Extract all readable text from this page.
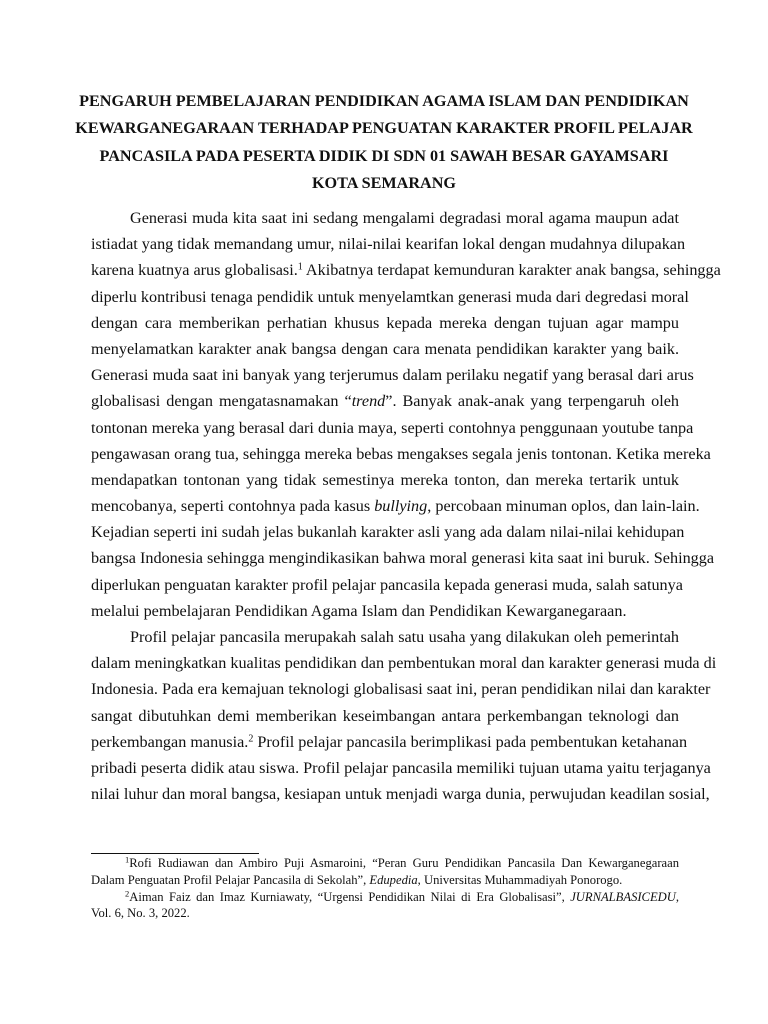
PENGARUH PEMBELAJARAN PENDIDIKAN AGAMA ISLAM DAN PENDIDIKAN
KEWARGANEGARAAN TERHADAP PENGUATAN KARAKTER PROFIL PELAJAR
PANCASILA PADA PESERTA DIDIK DI SDN 01 SAWAH BESAR GAYAMSARI
KOTA SEMARANG
Generasi muda kita saat ini sedang mengalami degradasi moral agama maupun adat
istiadat yang tidak memandang umur, nilai-nilai kearifan lokal dengan mudahnya dilupakan
karena kuatnya arus globalisasi.$^1$ Akibatnya terdapat kemunduran karakter anak bangsa, sehingga
diperlu kontribusi tenaga pendidik untuk menyelamtkan generasi muda dari degredasi moral
dengan cara memberikan perhatian khusus kepada mereka dengan tujuan agar mampu
menyelamatkan karakter anak bangsa dengan cara menata pendidikan karakter yang baik.
Generasi muda saat ini banyak yang terjerumus dalam perilaku negatif yang berasal dari arus
globalisasi dengan mengatasnamakan “trend”. Banyak anak-anak yang terpengaruh oleh
tontonan mereka yang berasal dari dunia maya, seperti contohnya penggunaan youtube tanpa
pengawasan orang tua, sehingga mereka bebas mengakses segala jenis tontonan. Ketika mereka
mendapatkan tontonan yang tidak semestinya mereka tonton, dan mereka tertarik untuk
mencobanya, seperti contohnya pada kasus bullying, percobaan minuman oplos, dan lain-lain.
Kejadian seperti ini sudah jelas bukanlah karakter asli yang ada dalam nilai-nilai kehidupan
bangsa Indonesia sehingga mengindikasikan bahwa moral generasi kita saat ini buruk. Sehingga
diperlukan penguatan karakter profil pelajar pancasila kepada generasi muda, salah satunya
melalui pembelajaran Pendidikan Agama Islam dan Pendidikan Kewarganegaraan.
Profil pelajar pancasila merupakah salah satu usaha yang dilakukan oleh pemerintah
dalam meningkatkan kualitas pendidikan dan pembentukan moral dan karakter generasi muda di
Indonesia. Pada era kemajuan teknologi globalisasi saat ini, peran pendidikan nilai dan karakter
sangat dibutuhkan demi memberikan keseimbangan antara perkembangan teknologi dan
perkembangan manusia.$^2$ Profil pelajar pancasila berimplikasi pada pembentukan ketahanan
pribadi peserta didik atau siswa. Profil pelajar pancasila memiliki tujuan utama yaitu terjaganya
nilai luhur dan moral bangsa, kesiapan untuk menjadi warga dunia, perwujudan keadilan sosial,
$^1$Rofi Rudiawan dan Ambiro Puji Asmaroini, “Peran Guru Pendidikan Pancasila Dan Kewarganegaraan
Dalam Penguatan Profil Pelajar Pancasila di Sekolah”, Edupedia, Universitas Muhammadiyah Ponorogo.
$^2$Aiman Faiz dan Imaz Kurniawaty, “Urgensi Pendidikan Nilai di Era Globalisasi”, JURNALBASICEDU,
Vol. 6, No. 3, 2022.
